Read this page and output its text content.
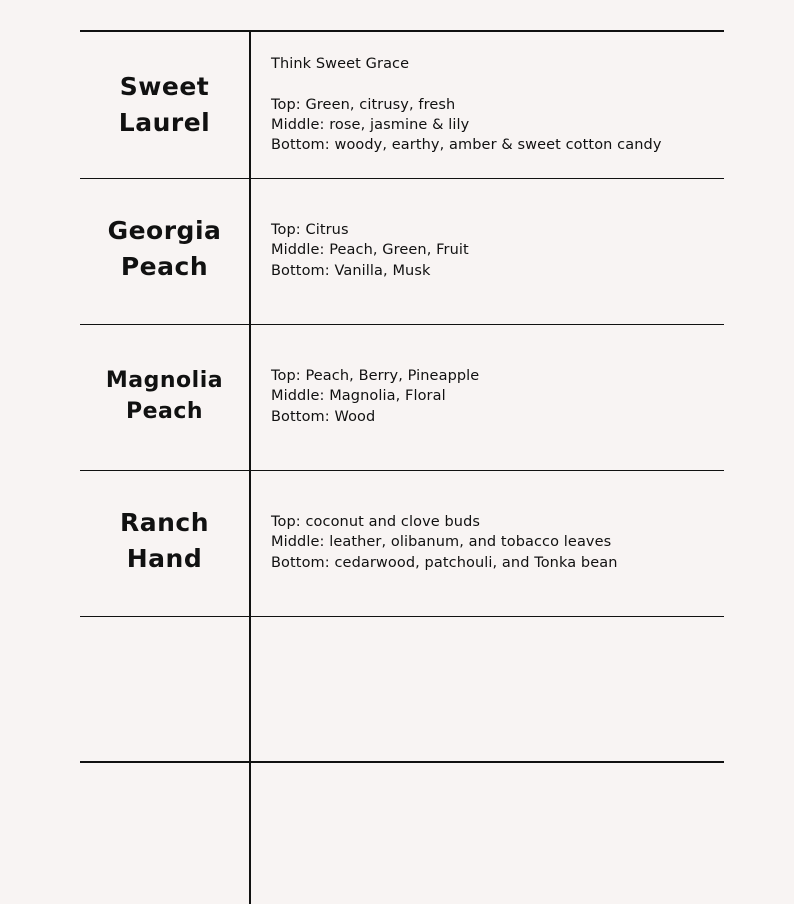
Sweet
Laurel
Think Sweet Grace
Top: Green, citrusy, fresh
Middle: rose, jasmine & lily
Bottom: woody, earthy, amber & sweet cotton candy
Georgia
Peach
Top: Citrus
Middle: Peach, Green, Fruit
Bottom: Vanilla, Musk
Magnolia
Peach
Top: Peach, Berry, Pineapple
Middle: Magnolia, Floral
Bottom: Wood
Ranch
Hand
Top: coconut and clove buds
Middle: leather, olibanum, and tobacco leaves
Bottom: cedarwood, patchouli, and Tonka bean
